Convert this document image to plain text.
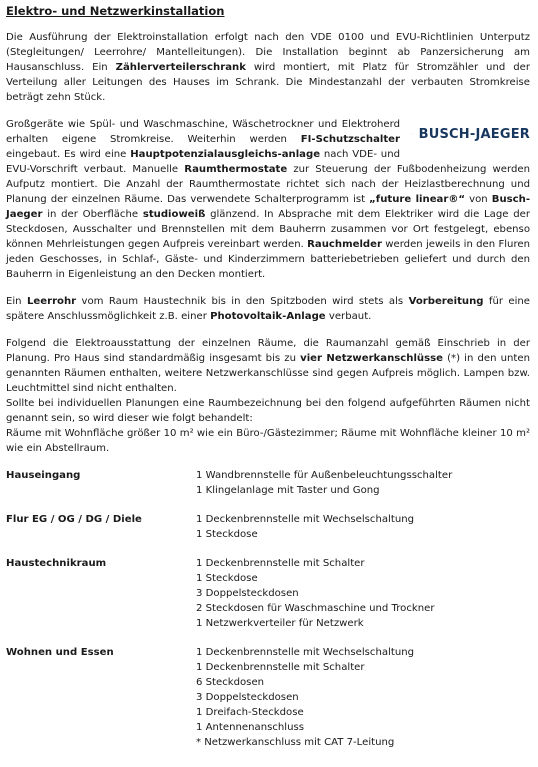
Elektro- und Netzwerkinstallation
Die Ausführung der Elektroinstallation erfolgt nach den VDE 0100 und EVU-Richtlinien Unterputz (Stegleitungen/ Leerrohre/ Mantelleitungen). Die Installation beginnt ab Panzersicherung am Hausanschluss. Ein Zählerverteilerschrank wird montiert, mit Platz für Stromzähler und der Verteilung aller Leitungen des Hauses im Schrank. Die Mindestanzahl der verbauten Stromkreise beträgt zehn Stück.
BUSCH-JAEGER
Großgeräte wie Spül- und Waschmaschine, Wäschetrockner und Elektroherd erhalten eigene Stromkreise. Weiterhin werden FI-Schutzschalter eingebaut. Es wird eine Hauptpotenzialausgleichs-anlage nach VDE- und EVU-Vorschrift verbaut. Manuelle Raumthermostate zur Steuerung der Fußbodenheizung werden Aufputz montiert. Die Anzahl der Raumthermostate richtet sich nach der Heizlastberechnung und Planung der einzelnen Räume. Das verwendete Schalterprogramm ist „future linear®“ von Busch-Jaeger in der Oberfläche studioweiß glänzend. In Absprache mit dem Elektriker wird die Lage der Steckdosen, Ausschalter und Brennstellen mit dem Bauherrn zusammen vor Ort festgelegt, ebenso können Mehrleistungen gegen Aufpreis vereinbart werden. Rauchmelder werden jeweils in den Fluren jeden Geschosses, in Schlaf-, Gäste- und Kinderzimmern batteriebetrieben geliefert und durch den Bauherrn in Eigenleistung an den Decken montiert.
Ein Leerrohr vom Raum Haustechnik bis in den Spitzboden wird stets als Vorbereitung für eine spätere Anschlussmöglichkeit z.B. einer Photovoltaik-Anlage verbaut.

Folgend die Elektroausstattung der einzelnen Räume, die Raumanzahl gemäß Einschrieb in der Planung. Pro Haus sind standardmäßig insgesamt bis zu vier Netzwerkanschlüsse (*) in den unten genannten Räumen enthalten, weitere Netzwerkanschlüsse sind gegen Aufpreis möglich. Lampen bzw. Leuchtmittel sind nicht enthalten.

Sollte bei individuellen Planungen eine Raumbezeichnung bei den folgend aufgeführten Räumen nicht genannt sein, so wird dieser wie folgt behandelt:

Räume mit Wohnfläche größer 10 m² wie ein Büro-/Gästezimmer; Räume mit Wohnfläche kleiner 10 m² wie ein Abstellraum.

Hauseingang	1 Wandbrennstelle für Außenbeleuchtungsschalter
1 Klingelanlage mit Taster und Gong
Flur EG / OG / DG / Diele	1 Deckenbrennstelle mit Wechselschaltung
1 Steckdose
Haustechnikraum	1 Deckenbrennstelle mit Schalter
1 Steckdose
3 Doppelsteckdosen
2 Steckdosen für Waschmaschine und Trockner
1 Netzwerkverteiler für Netzwerk
Wohnen und Essen	1 Deckenbrennstelle mit Wechselschaltung
1 Deckenbrennstelle mit Schalter
6 Steckdosen
3 Doppelsteckdosen
1 Dreifach-Steckdose
1 Antennenanschluss
* Netzwerkanschluss mit CAT 7-Leitung
